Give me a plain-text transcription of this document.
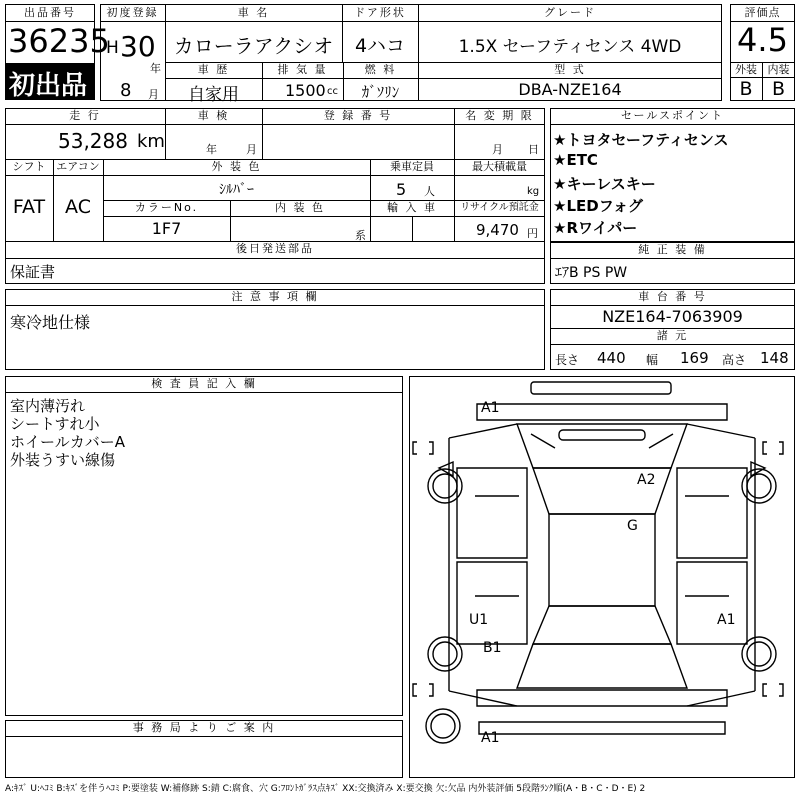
出品番号
36235
初出品
初度登録
H 30
年
8 月
車 名
カローラアクシオ
ドア形状
4ハコ
グレード
1.5X セーフティセンス 4WD
車 歴
自家用
排 気 量
1500 cc
燃 料
ｶﾞｿﾘﾝ
型 式
DBA-NZE164
評価点
4.5
外装 内装
B	B
走 行
53,288 km
車 検
年	月
登 録 番 号	名 変 期 限
月 日
シフト
FAT
エアコン
AC
外 装 色
ｼﾙﾊﾞｰ
乗車定員
5 人
最大積載量
kg
カラーNo.
1F7
内 装 色
系
輸 入 車	リサイクル預託金
9,470 円
後日発送部品
保証書
セールスポイント
★トヨタセーフティセンス
★ETC
★キーレスキー
★LEDフォグ
★Rワイパー
純 正 装 備
ｴｱB PS PW
注 意 事 項 欄
寒冷地仕様
車 台 番 号
NZE164-7063909
諸 元
長さ 440 幅 169 高さ 148
検 査 員 記 入 欄
室内薄汚れ
シートすれ小
ホイールカバーA
外装うすい線傷
事 務 局 よ り ご 案 内
A1
A2
G
U1	A1
B1
A1
A:ｷｽﾞ U:ﾍｺﾐ B:ｷｽﾞを伴うﾍｺﾐ P:要塗装 W:補修跡 S:錆 C:腐食、穴 G:ﾌﾛﾝﾄｶﾞﾗｽ点ｷｽﾞ XX:交換済み X:要交換 欠:欠品 内外装評価 5段階ﾗﾝｸ順(A・B・C・D・E) 2
